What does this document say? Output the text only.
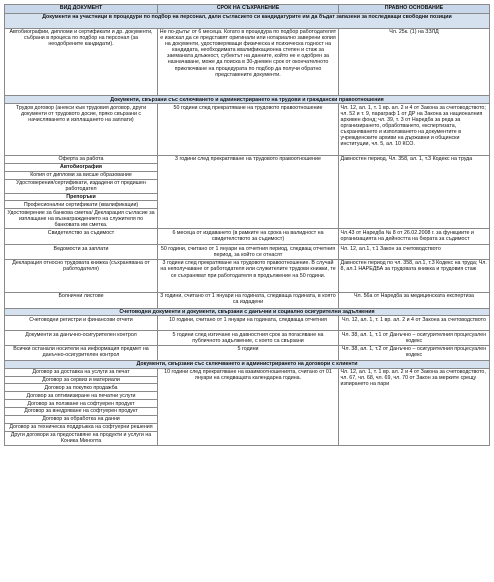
ВИД ДОКУМЕНТ	СРОК НА СЪХРАНЕНИЕ	ПРАВНО ОСНОВАНИЕ
Документи на участници в процедури по подбор на персонал, дали съгласието си кандидатурите им да бъдат запазени за последващи свободни позиции		
Автобиографии, дипломи и сертификати и др. документи, събрани в процеса по подбор на персонал (за неодобрените кандидати).	Не по-дълъг от 6 месеца. Когато в процедура по подбор работодателят е изискал да се представят оригинали или нотариално заверени копия на документи, удостоверяващи физическа и психическа годност на кандидата, необходимата квалификационна степен и стаж за заеманата длъжност, субектът на данните, който не е одобрен за назначаване, може да поиска в 30-дневен срок от окончателното приключване на процедурата по подбор да получи обратно представените документи.	Чл. 25к. (1) на ЗЗЛД
Документи, свързани със сключването и администрирането на трудови и граждански правоотношения		
Трудов договор (анекси към трудовия договор, други документи от трудовото досие, пряко свързани с начисляването и изплащането на заплати)	50 години след прекратяване на трудовото правоотношение	Чл. 12, ал. 1, т. 1 вр. ал. 2 и 4 от Закона за счетоводството; чл. 52 и т. 9, параграф 1 от ДР на Закона за националния архивен фонд; чл. 39, т. 3 от Наредба за реда за организирането, обработването, експертизата, съхраняването и използването на документите в учрежденските архиви на държавни и общински институции, чл. 5, ал. 10 КСО.
Оферта за работа	3 години след прекратяване на трудовото правоотношение	Давностен период, Чл. 358, ал. 1, т.3 Кодекс на труда
Автобиография		
Копия от дипломи за висше образование		
Удостоверения/сертификати, издадени от предишен работодател		
Препоръки		
Професионални сертификати (квалификации)		
Удостоверение за банкова сметка/ Декларация съгласие за изплащане на възнаграждението на служителя по банковата им сметка.		
Свидетелство за съдимост	6 месеца от издаването (в рамките на срока на валидност на свидетелството за съдимост)	Чл.43 от Наредба № 8 от 26.02.2008 г. за функциите и организацията на дейността на бюрата за съдимост
Ведомости за заплати	50 години, считано от 1 януари на отчетния период, следващ отчетния период, за който се отнасят	Чл. 12, ал.1, т.1 Закон за счетоводството
Декларация относно трудовата книжка (съхранявана от работодателя)	3 години след прекратяване на трудовото правоотношение. В случай на неполучаване от работодателя или служителите трудови книжки, те се съхраняват при работодателя в продължение на 50 години.	Давностен период по чл. 358, ал.1, т.3 Кодекс на труда; Чл. 8, ал.1 НАРЕДБА за трудовата книжка и трудовия стаж
Болнични листове	3 години, считано от 1 януари на годината, следваща годината, в която са издадени	Чл. 56а от Наредба за медицинската експертиза
Счетоводни документи и документи, свързани с данъчни и социално осигурителни задължения		
Счетоводни регистри и финансови отчети	10 години, считано от 1 януари на годината, следваща отчетния	Чл. 12, ал. 1, т. 1 вр. ал. 2 и 4 от Закона за счетоводството
Документи за данъчно-осигурителен контрол	5 години след изтичане на давностния срок за погасяване на публичното задължение, с което са свързани	Чл. 38, ал. 1, т.1 от Данъчно – осигурителния процесуален кодекс
Всички останали носители на информация предмет на данъчно-осигурителен контрол	5 години	Чл. 38, ал. 1, т.2 от Данъчно – осигурителния процесуален кодекс
Документи, свързани със сключването и администрирането на договори с клиенти		
Договор за доставка на услуги за печат	10 години след прекратяване на взаимоотношенията, считано от 01 януари на следващата календарна година.	Чл. 12, ал. 1, т. 1 вр. ал. 2 и 4 от Закона за счетоводството, чл. 67, чл. 68, чл. 69, чл. 70 от Закон за мерките срещу изпирането на пари
Договор за сервиз и материали		
Договор за покупко продажба		
Договор за оптимизиране на печатни услуги		
Договор за ползване на софтуерен продукт		
Договор за внедряване на софтуерен продукт		
Договор за обработка на данни		
Договор за техническа поддръжка на софтуерни решения		
Други договори за предоставяне на продукти и услуги на Коника Минолта		
